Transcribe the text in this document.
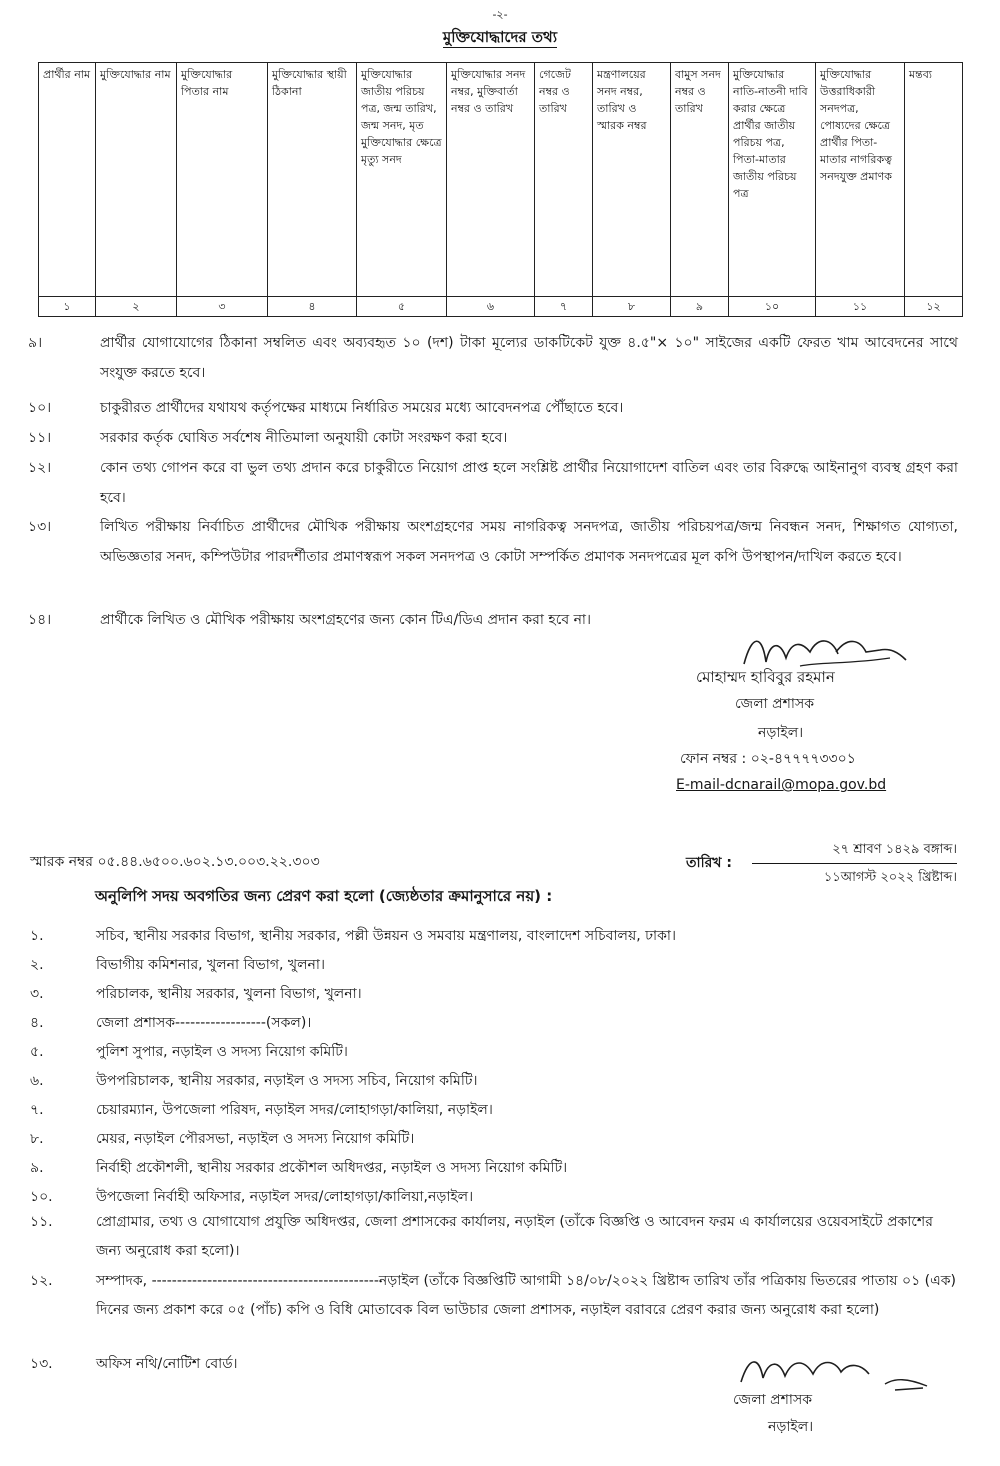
-২-
মুক্তিযোদ্ধাদের তথ্য
প্রার্থীর নাম	মুক্তিযোদ্ধার নাম	মুক্তিযোদ্ধার পিতার নাম	মুক্তিযোদ্ধার স্থায়ী ঠিকানা	মুক্তিযোদ্ধার জাতীয় পরিচয় পত্র, জন্ম তারিখ, জন্ম সনদ, মৃত মুক্তিযোদ্ধার ক্ষেত্রে মৃত্যু সনদ	মুক্তিযোদ্ধার সনদ নম্বর, মুক্তিবার্তা নম্বর ও তারিখ	গেজেট নম্বর ও তারিখ	মন্ত্রণালয়ের সনদ নম্বর, তারিখ ও স্মারক নম্বর	বামুস সনদ নম্বর ও তারিখ	মুক্তিযোদ্ধার নাতি-নাতনী দাবি করার ক্ষেত্রে প্রার্থীর জাতীয় পরিচয় পত্র, পিতা-মাতার জাতীয় পরিচয় পত্র	মুক্তিযোদ্ধার উত্তরাধিকারী সনদপত্র, পোষ্যদের ক্ষেত্রে প্রার্থীর পিতা-মাতার নাগরিকত্ব সনদযুক্ত প্রমাণক	মন্তব্য
১	২	৩	৪	৫	৬	৭	৮	৯	১০	১১	১২
৯।	প্রার্থীর যোগাযোগের ঠিকানা সম্বলিত এবং অব্যবহৃত ১০ (দশ) টাকা মূল্যের ডাকটিকেট যুক্ত ৪.৫"× ১০" সাইজের একটি ফেরত খাম আবেদনের সাথে সংযুক্ত করতে হবে।
১০।	চাকুরীরত প্রার্থীদের যথাযথ কর্তৃপক্ষের মাধ্যমে নির্ধারিত সময়ের মধ্যে আবেদনপত্র পৌঁছাতে হবে।
১১।	সরকার কর্তৃক ঘোষিত সর্বশেষ নীতিমালা অনুযায়ী কোটা সংরক্ষণ করা হবে।
১২।	কোন তথ্য গোপন করে বা ভুল তথ্য প্রদান করে চাকুরীতে নিয়োগ প্রাপ্ত হলে সংশ্লিষ্ট প্রার্থীর নিয়োগাদেশ বাতিল এবং তার বিরুদ্ধে আইনানুগ ব্যবস্থ গ্রহণ করা হবে।
১৩।	লিখিত পরীক্ষায় নির্বাচিত প্রার্থীদের মৌখিক পরীক্ষায় অংশগ্রহণের সময় নাগরিকত্ব সনদপত্র, জাতীয় পরিচয়পত্র/জন্ম নিবন্ধন সনদ, শিক্ষাগত যোগ্যতা, অভিজ্ঞতার সনদ, কম্পিউটার পারদর্শীতার প্রমাণস্বরূপ সকল সনদপত্র ও কোটা সম্পর্কিত প্রমাণক সনদপত্রের মূল কপি উপস্থাপন/দাখিল করতে হবে।
১৪।	প্রার্থীকে লিখিত ও মৌখিক পরীক্ষায় অংশগ্রহণের জন্য কোন টিএ/ডিএ প্রদান করা হবে না।
মোহাম্মদ হাবিবুর রহমান
জেলা প্রশাসক
নড়াইল।
ফোন নম্বর : ০২-৪৭৭৭৭৩৩০১
E-mail-dcnarail@mopa.gov.bd
স্মারক নম্বর ০৫.৪৪.৬৫০০.৬০২.১৩.০০৩.২২.৩০৩	তারিখ :
২৭ শ্রাবণ ১৪২৯ বঙ্গাব্দ।
১১আগস্ট ২০২২ খ্রিষ্টাব্দ।
অনুলিপি সদয় অবগতির জন্য প্রেরণ করা হলো (জ্যেষ্ঠতার ক্রমানুসারে নয়) :
১.	সচিব, স্থানীয় সরকার বিভাগ, স্থানীয় সরকার, পল্লী উন্নয়ন ও সমবায় মন্ত্রণালয়, বাংলাদেশ সচিবালয়, ঢাকা।
২.	বিভাগীয় কমিশনার, খুলনা বিভাগ, খুলনা।
৩.	পরিচালক, স্থানীয় সরকার, খুলনা বিভাগ, খুলনা।
৪.	জেলা প্রশাসক------------------(সকল)।
৫.	পুলিশ সুপার, নড়াইল ও সদস্য নিয়োগ কমিটি।
৬.	উপপরিচালক, স্থানীয় সরকার, নড়াইল ও সদস্য সচিব, নিয়োগ কমিটি।
৭.	চেয়ারম্যান, উপজেলা পরিষদ, নড়াইল সদর/লোহাগড়া/কালিয়া, নড়াইল।
৮.	মেয়র, নড়াইল পৌরসভা, নড়াইল ও সদস্য নিয়োগ কমিটি।
৯.	নির্বাহী প্রকৌশলী, স্থানীয় সরকার প্রকৌশল অধিদপ্তর, নড়াইল ও সদস্য নিয়োগ কমিটি।
১০.	উপজেলা নির্বাহী অফিসার, নড়াইল সদর/লোহাগড়া/কালিয়া,নড়াইল।
১১.	প্রোগ্রামার, তথ্য ও যোগাযোগ প্রযুক্তি অধিদপ্তর, জেলা প্রশাসকের কার্যালয়, নড়াইল (তাঁকে বিজ্ঞপ্তি ও আবেদন ফরম এ কার্যালয়ের ওয়েবসাইটে প্রকাশের জন্য অনুরোধ করা হলো)।
১২.	সম্পাদক, ---------------------------------------------নড়াইল (তাঁকে বিজ্ঞপ্তিটি আগামী ১৪/০৮/২০২২ খ্রিষ্টাব্দ তারিখ তাঁর পত্রিকায় ভিতরের পাতায় ০১ (এক) দিনের জন্য প্রকাশ করে ০৫ (পাঁচ) কপি ও বিধি মোতাবেক বিল ভাউচার জেলা প্রশাসক, নড়াইল বরাবরে প্রেরণ করার জন্য অনুরোধ করা হলো)
১৩.	অফিস নথি/নোটিশ বোর্ড।
জেলা প্রশাসক
নড়াইল।
